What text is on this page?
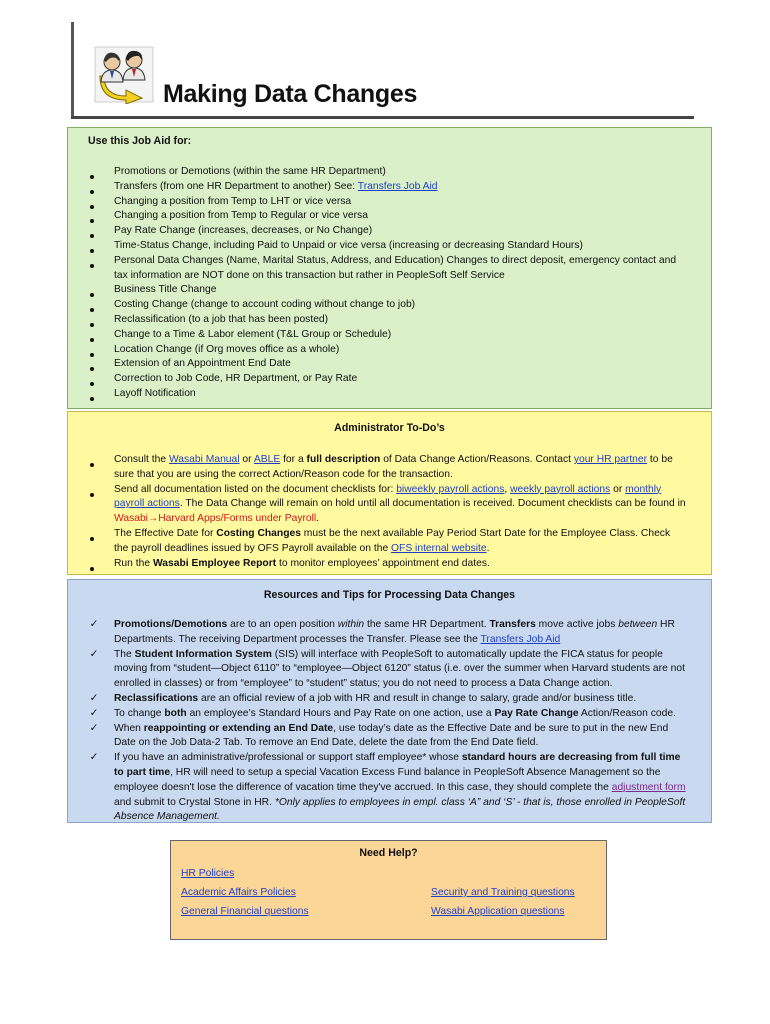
Making Data Changes
Use this Job Aid for:
Promotions or Demotions (within the same HR Department)
Transfers (from one HR Department to another) See: Transfers Job Aid
Changing a position from Temp to LHT or vice versa
Changing a position from Temp to Regular or vice versa
Pay Rate Change (increases, decreases, or No Change)
Time-Status Change, including Paid to Unpaid or vice versa (increasing or decreasing Standard Hours)
Personal Data Changes (Name, Marital Status, Address, and Education) Changes to direct deposit, emergency contact and tax information are NOT done on this transaction but rather in PeopleSoft Self Service
Business Title Change
Costing Change (change to account coding without change to job)
Reclassification (to a job that has been posted)
Change to a Time & Labor element (T&L Group or Schedule)
Location Change (if Org moves office as a whole)
Extension of an Appointment End Date
Correction to Job Code, HR Department, or Pay Rate
Layoff Notification
Administrator To-Do’s
Consult the Wasabi Manual or ABLE for a full description of Data Change Action/Reasons. Contact your HR partner to be sure that you are using the correct Action/Reason code for the transaction.
Send all documentation listed on the document checklists for: biweekly payroll actions, weekly payroll actions or monthly payroll actions. The Data Change will remain on hold until all documentation is received. Document checklists can be found in Wasabi→Harvard Apps/Forms under Payroll.
The Effective Date for Costing Changes must be the next available Pay Period Start Date for the Employee Class. Check the payroll deadlines issued by OFS Payroll available on the OFS internal website.
Run the Wasabi Employee Report to monitor employees’ appointment end dates.
Resources and Tips for Processing Data Changes
✓ Promotions/Demotions are to an open position within the same HR Department. Transfers move active jobs between HR Departments. The receiving Department processes the Transfer. Please see the Transfers Job Aid
✓ The Student Information System (SIS) will interface with PeopleSoft to automatically update the FICA status for people moving from “student—Object 6110” to “employee—Object 6120” status (i.e. over the summer when Harvard students are not enrolled in classes) or from “employee” to “student” status; you do not need to process a Data Change action.
✓ Reclassifications are an official review of a job with HR and result in change to salary, grade and/or business title.
✓ To change both an employee’s Standard Hours and Pay Rate on one action, use a Pay Rate Change Action/Reason code.
✓ When reappointing or extending an End Date, use today’s date as the Effective Date and be sure to put in the new End Date on the Job Data-2 Tab. To remove an End Date, delete the date from the End Date field.
✓ If you have an administrative/professional or support staff employee* whose standard hours are decreasing from full time to part time, HR will need to setup a special Vacation Excess Fund balance in PeopleSoft Absence Management so the employee doesn't lose the difference of vacation time they've accrued. In this case, they should complete the adjustment form and submit to Crystal Stone in HR. *Only applies to employees in empl. class ‘A” and ‘S’ - that is, those enrolled in PeopleSoft Absence Management.
Need Help?
HR Policies
Academic Affairs Policies	Security and Training questions
General Financial questions	Wasabi Application questions
